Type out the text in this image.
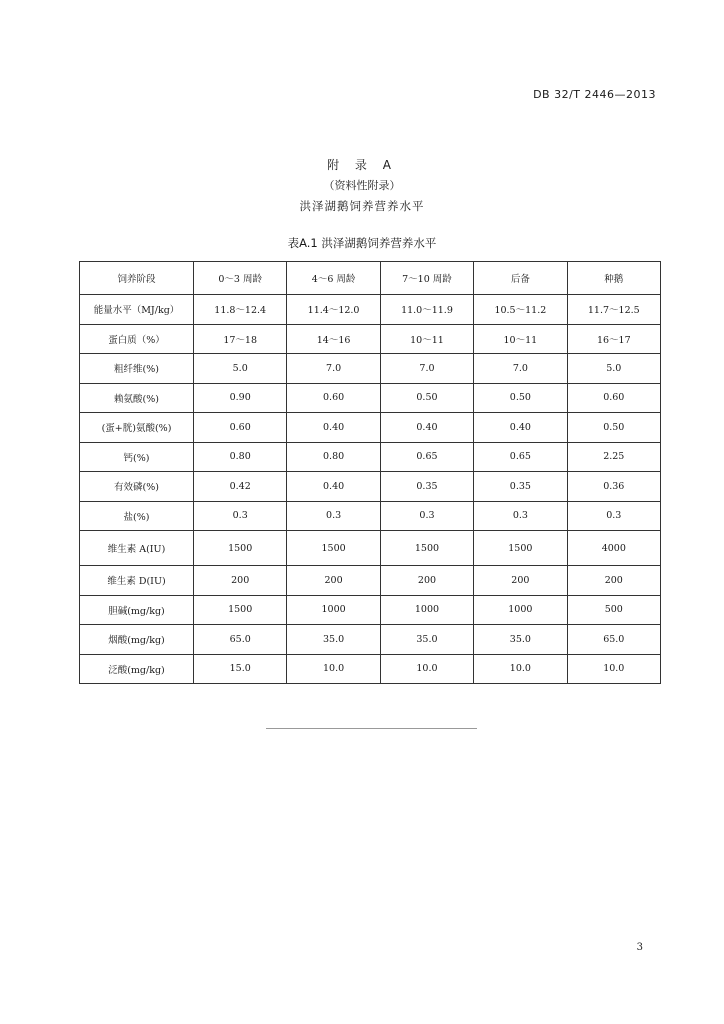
DB 32/T 2446—2013
附 录 A
（资料性附录）
洪泽湖鹅饲养营养水平
表A.1 洪泽湖鹅饲养营养水平
饲养阶段	0～3 周龄	4～6 周龄	7～10 周龄	后备	种鹅
能量水平（MJ/kg）	11.8～12.4	11.4～12.0	11.0～11.9	10.5～11.2	11.7～12.5
蛋白质（%）	17～18	14～16	10～11	10～11	16～17
粗纤维(%)	5.0	7.0	7.0	7.0	5.0
赖氨酸(%)	0.90	0.60	0.50	0.50	0.60
(蛋+胱)氨酸(%)	0.60	0.40	0.40	0.40	0.50
钙(%)	0.80	0.80	0.65	0.65	2.25
有效磷(%)	0.42	0.40	0.35	0.35	0.36
盐(%)	0.3	0.3	0.3	0.3	0.3
维生素 A(IU)	1500	1500	1500	1500	4000
维生素 D(IU)	200	200	200	200	200
胆碱(mg/kg)	1500	1000	1000	1000	500
烟酸(mg/kg)	65.0	35.0	35.0	35.0	65.0
泛酸(mg/kg)	15.0	10.0	10.0	10.0	10.0
3
